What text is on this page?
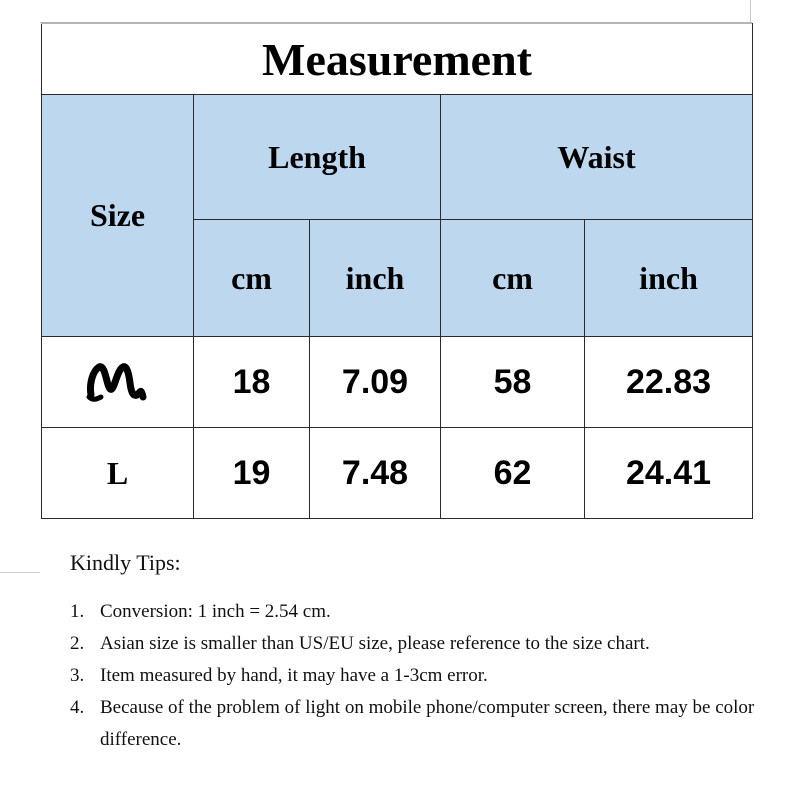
Measurement				
Size	Length		Waist	
	cm	inch	cm	inch
	18	7.09	58	22.83
L	19	7.48	62	24.41

Kindly Tips:

1. Conversion: 1 inch = 2.54 cm.
2. Asian size is smaller than US/EU size, please reference to the size chart.
3. Item measured by hand, it may have a 1-3cm error.
4. Because of the problem of light on mobile phone/computer screen, there may be color difference.
